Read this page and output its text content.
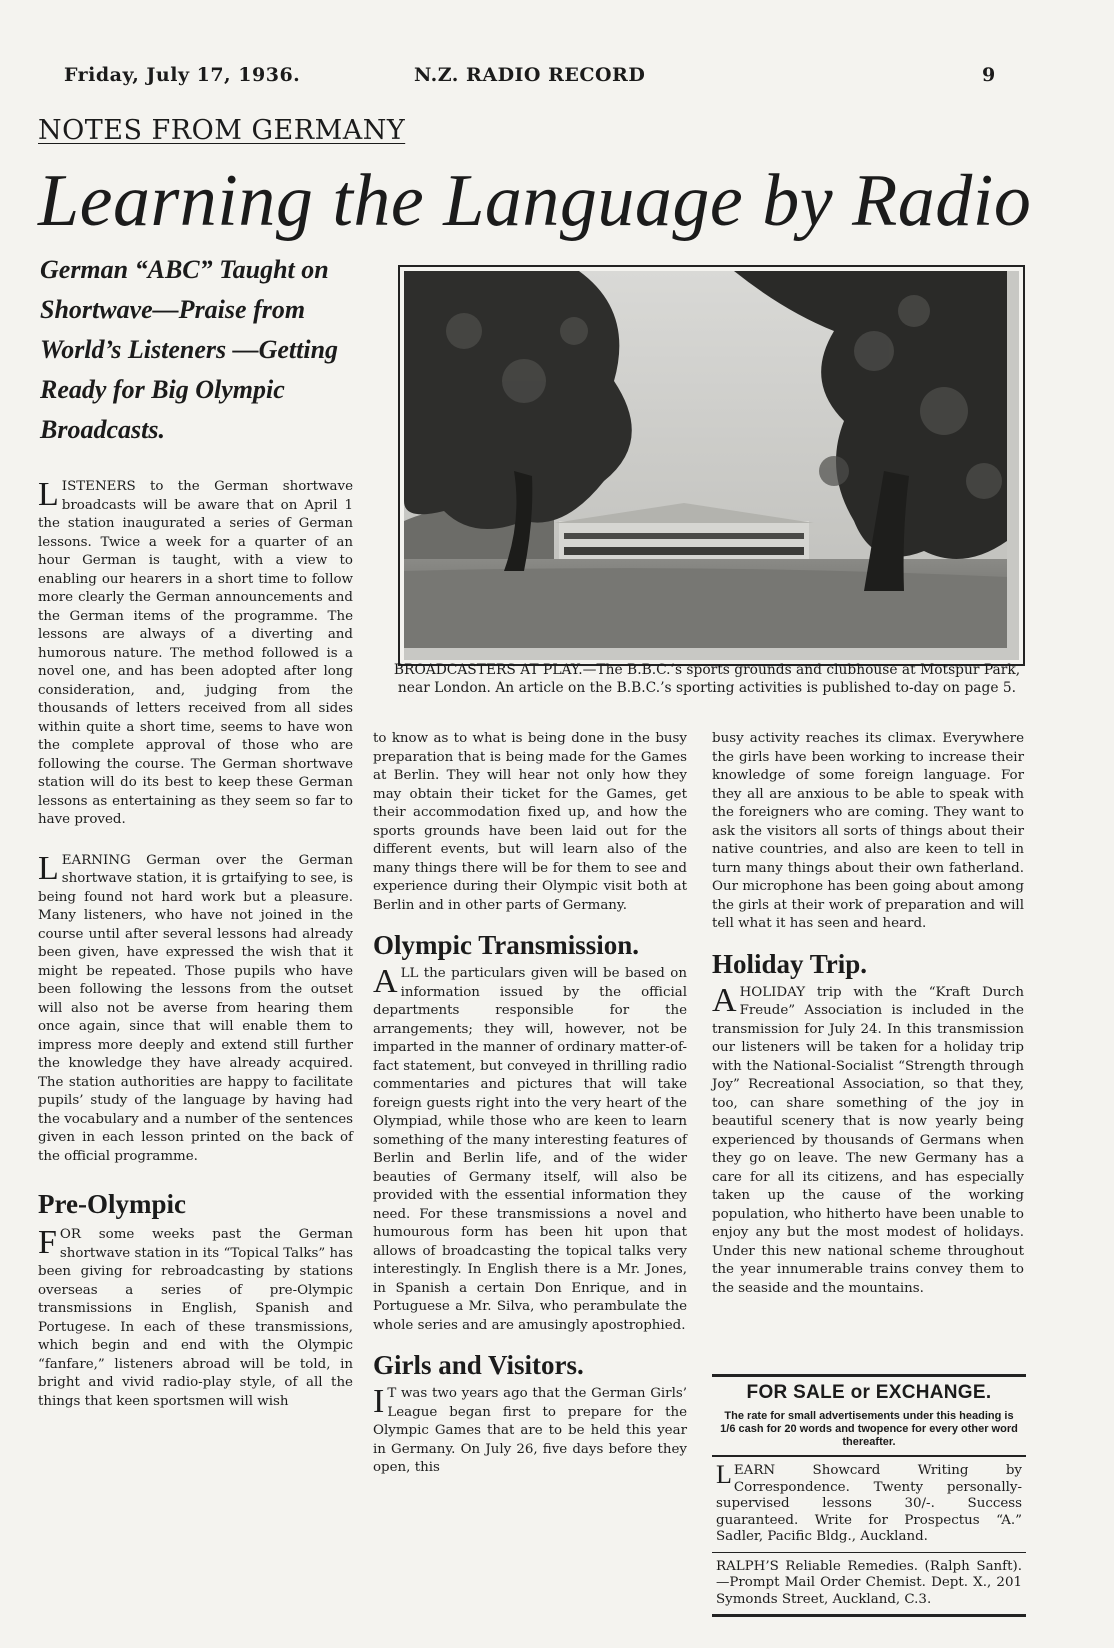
Friday, July 17, 1936.	N.Z. RADIO RECORD	9
NOTES FROM GERMANY
Learning the Language by Radio
German “ABC” Taught on Shortwave—Praise from World’s Listeners —Getting Ready for Big Olympic Broadcasts.
BROADCASTERS AT PLAY.—The B.B.C.’s sports grounds and clubhouse at Motspur Park, near London. An article on the B.B.C.’s sporting activities is published to-day on page 5.

LISTENERS to the German shortwave broadcasts will be aware that on April 1 the station inaugurated a series of German lessons. Twice a week for a quarter of an hour German is taught, with a view to enabling our hearers in a short time to follow more clearly the German announcements and the German items of the programme. The lessons are always of a diverting and humorous nature. The method followed is a novel one, and has been adopted after long consideration, and, judging from the thousands of letters received from all sides within quite a short time, seems to have won the complete approval of those who are following the course. The German shortwave station will do its best to keep these German lessons as entertaining as they seem so far to have proved.

LEARNING German over the German shortwave station, it is grtaifying to see, is being found not hard work but a pleasure. Many listeners, who have not joined in the course until after several lessons had already been given, have expressed the wish that it might be repeated. Those pupils who have been following the lessons from the outset will also not be averse from hearing them once again, since that will enable them to impress more deeply and extend still further the knowledge they have already acquired. The station authorities are happy to facilitate pupils’ study of the language by having had the vocabulary and a number of the sentences given in each lesson printed on the back of the official programme.

Pre-Olympic

FOR some weeks past the German shortwave station in its “Topical Talks” has been giving for rebroadcasting by stations overseas a series of pre-Olympic transmissions in English, Spanish and Portugese. In each of these transmissions, which begin and end with the Olympic “fanfare,” listeners abroad will be told, in bright and vivid radio-play style, of all the things that keen sportsmen will wish

to know as to what is being done in the busy preparation that is being made for the Games at Berlin. They will hear not only how they may obtain their ticket for the Games, get their accommodation fixed up, and how the sports grounds have been laid out for the different events, but will learn also of the many things there will be for them to see and experience during their Olympic visit both at Berlin and in other parts of Germany.

Olympic Transmission.

ALL the particulars given will be based on information issued by the official departments responsible for the arrangements; they will, however, not be imparted in the manner of ordinary matter-of-fact statement, but conveyed in thrilling radio commentaries and pictures that will take foreign guests right into the very heart of the Olympiad, while those who are keen to learn something of the many interesting features of Berlin and Berlin life, and of the wider beauties of Germany itself, will also be provided with the essential information they need. For these transmissions a novel and humourous form has been hit upon that allows of broadcasting the topical talks very interestingly. In English there is a Mr. Jones, in Spanish a certain Don Enrique, and in Portuguese a Mr. Silva, who perambulate the whole series and are amusingly apostrophied.

Girls and Visitors.

I T was two years ago that the German Girls’ League began first to prepare for the Olympic Games that are to be held this year in Germany. On July 26, five days before they open, this

busy activity reaches its climax. Everywhere the girls have been working to increase their knowledge of some foreign language. For they all are anxious to be able to speak with the foreigners who are coming. They want to ask the visitors all sorts of things about their native countries, and also are keen to tell in turn many things about their own fatherland. Our microphone has been going about among the girls at their work of preparation and will tell what it has seen and heard.

Holiday Trip.

A HOLIDAY trip with the “Kraft Durch Freude” Association is included in the transmission for July 24. In this transmission our listeners will be taken for a holiday trip with the National-Socialist “Strength through Joy” Recreational Association, so that they, too, can share something of the joy in beautiful scenery that is now yearly being experienced by thousands of Germans when they go on leave. The new Germany has a care for all its citizens, and has especially taken up the cause of the working population, who hitherto have been unable to enjoy any but the most modest of holidays. Under this new national scheme throughout the year innumerable trains convey them to the seaside and the mountains.

FOR SALE or EXCHANGE.
The rate for small advertisements under this heading is 1/6 cash for 20 words and twopence for every other word thereafter.
LEARN Showcard Writing by Correspondence. Twenty personally-supervised lessons 30/-. Success guaranteed. Write for Prospectus “A.” Sadler, Pacific Bldg., Auckland.
RALPH’S Reliable Remedies. (Ralph Sanft).—Prompt Mail Order Chemist. Dept. X., 201 Symonds Street, Auckland, C.3.
